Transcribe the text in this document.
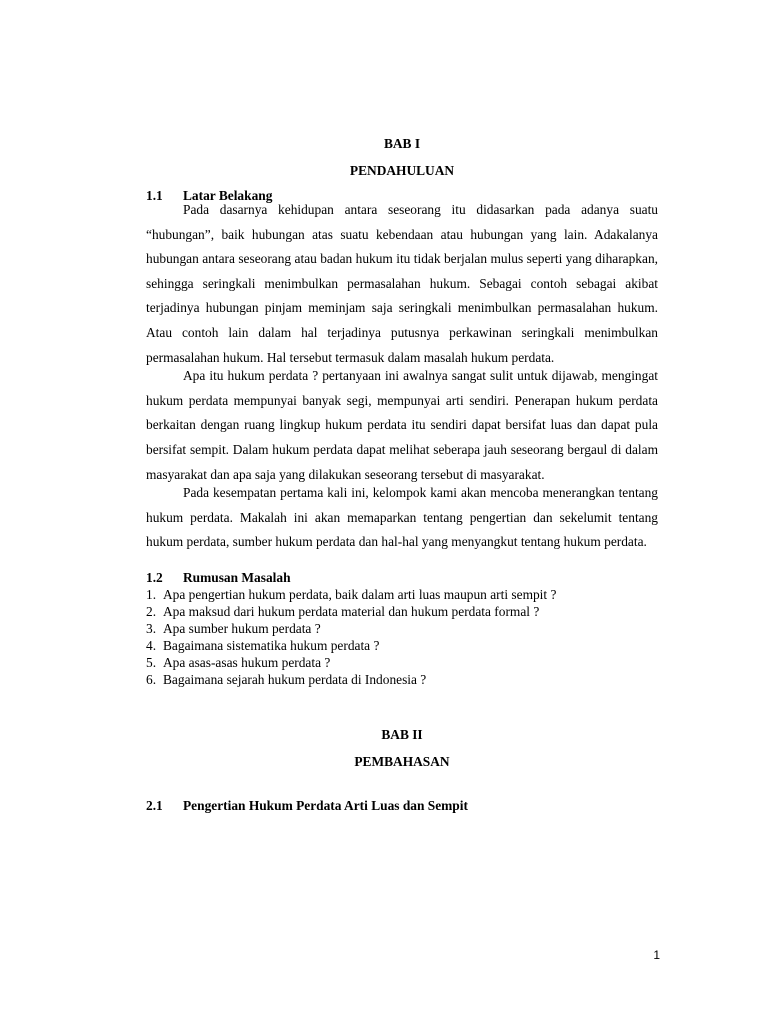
BAB I
PENDAHULUAN
1.1 Latar Belakang

Pada dasarnya kehidupan antara seseorang itu didasarkan pada adanya suatu “hubungan”, baik hubungan atas suatu kebendaan atau hubungan yang lain. Adakalanya hubungan antara seseorang atau badan hukum itu tidak berjalan mulus seperti yang diharapkan, sehingga seringkali menimbulkan permasalahan hukum. Sebagai contoh sebagai akibat terjadinya hubungan pinjam meminjam saja seringkali menimbulkan permasalahan hukum. Atau contoh lain dalam hal terjadinya putusnya perkawinan seringkali menimbulkan permasalahan hukum. Hal tersebut termasuk dalam masalah hukum perdata.

Apa itu hukum perdata ? pertanyaan ini awalnya sangat sulit untuk dijawab, mengingat hukum perdata mempunyai banyak segi, mempunyai arti sendiri. Penerapan hukum perdata berkaitan dengan ruang lingkup hukum perdata itu sendiri dapat bersifat luas dan dapat pula bersifat sempit. Dalam hukum perdata dapat melihat seberapa jauh seseorang bergaul di dalam masyarakat dan apa saja yang dilakukan seseorang tersebut di masyarakat.

Pada kesempatan pertama kali ini, kelompok kami akan mencoba menerangkan tentang hukum perdata. Makalah ini akan memaparkan tentang pengertian dan sekelumit tentang hukum perdata, sumber hukum perdata dan hal-hal yang menyangkut tentang hukum perdata.

1.2 Rumusan Masalah
1. Apa pengertian hukum perdata, baik dalam arti luas maupun arti sempit ?
2. Apa maksud dari hukum perdata material dan hukum perdata formal ?
3. Apa sumber hukum perdata ?
4. Bagaimana sistematika hukum perdata ?
5. Apa asas-asas hukum perdata ?
6. Bagaimana sejarah hukum perdata di Indonesia ?
BAB II
PEMBAHASAN
2.1 Pengertian Hukum Perdata Arti Luas dan Sempit
1
